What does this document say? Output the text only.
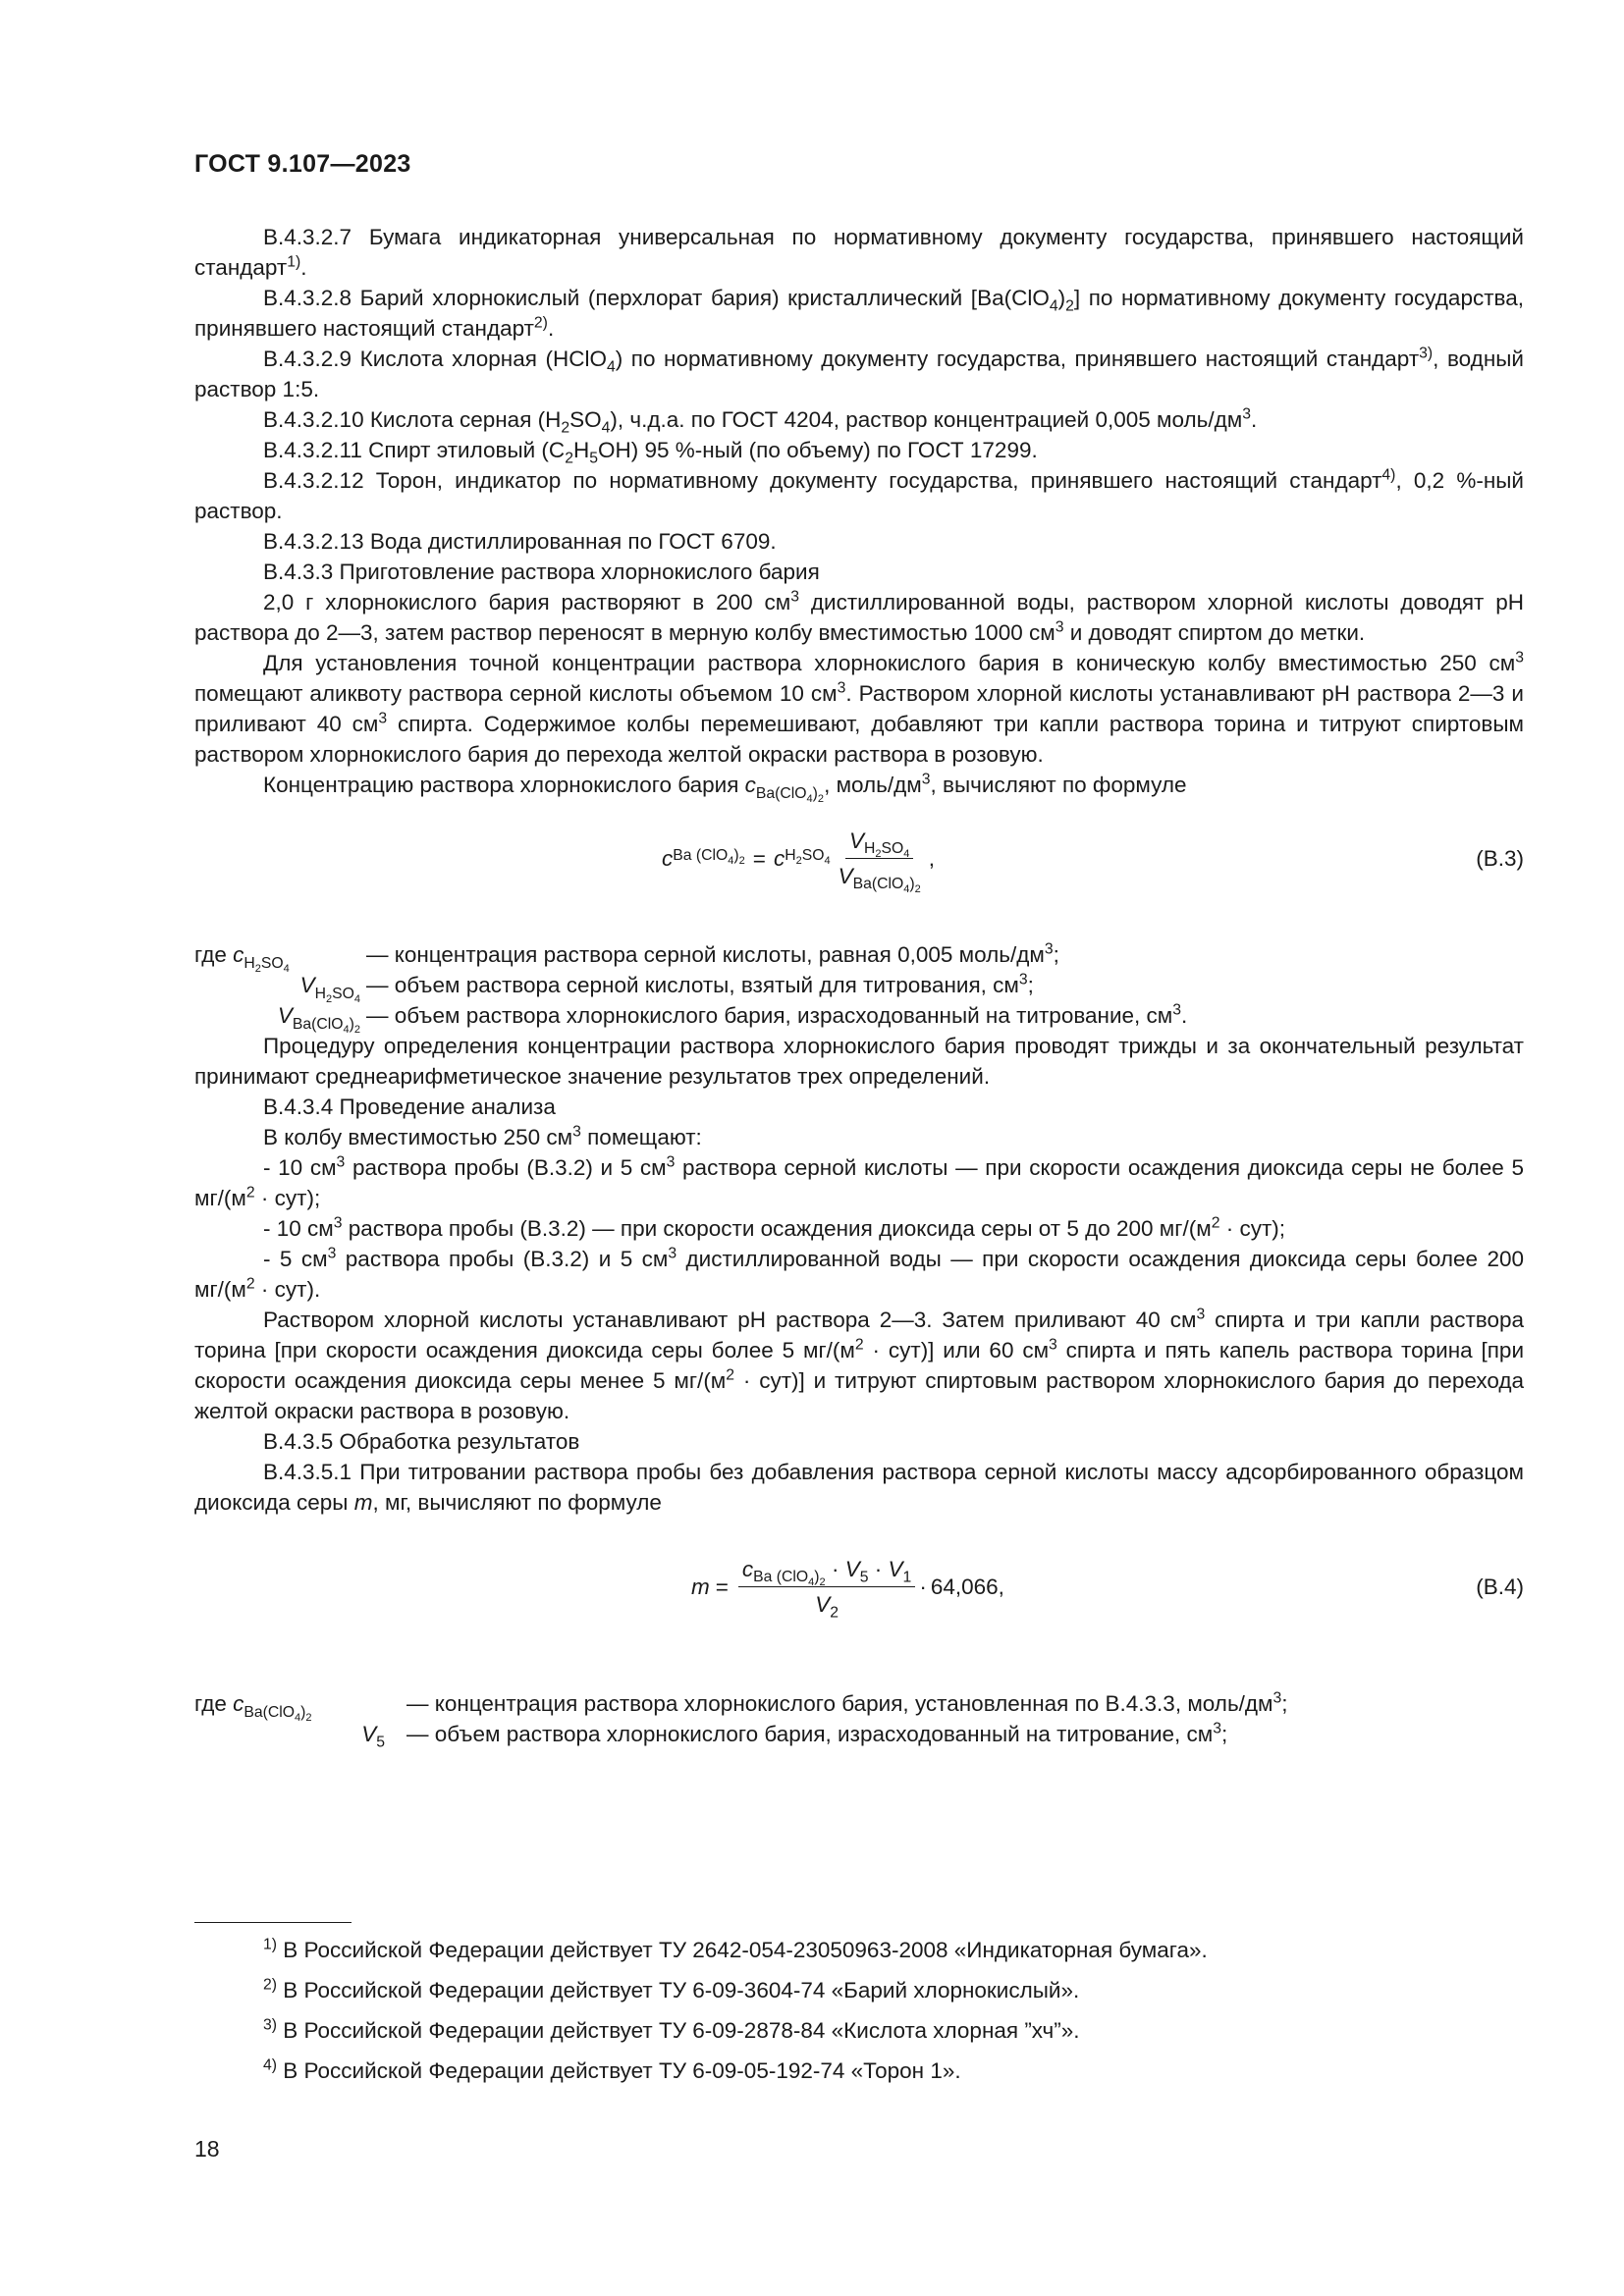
ГОСТ 9.107—2023

В.4.3.2.7 Бумага индикаторная универсальная по нормативному документу государства, принявшего настоящий стандарт$^{1)}$.

В.4.3.2.8 Барий хлорнокислый (перхлорат бария) кристаллический $[Ba(ClO_4)_2]$ по нормативному документу государства, принявшего настоящий стандарт$^{2)}$.

В.4.3.2.9 Кислота хлорная (HClO$_4$) по нормативному документу государства, принявшего настоящий стандарт$^{3)}$, водный раствор 1:5.

В.4.3.2.10 Кислота серная $(H_2SO_4)$, ч.д.а. по ГОСТ 4204, раствор концентрацией 0,005 моль/$дм^3$.

В.4.3.2.11 Спирт этиловый $(C_2H_5OH)$ 95 %-ный (по объему) по ГОСТ 17299.

В.4.3.2.12 Торон, индикатор по нормативному документу государства, принявшего настоящий стандарт$^{4)}$, 0,2 %-ный раствор.

В.4.3.2.13 Вода дистиллированная по ГОСТ 6709.

В.4.3.3 Приготовление раствора хлорнокислого бария

2,0 г хлорнокислого бария растворяют в 200 $см^3$ дистиллированной воды, раствором хлорной кислоты доводят pH раствора до 2—3, затем раствор переносят в мерную колбу вместимостью 1000 $см^3$ и доводят спиртом до метки.

Для установления точной концентрации раствора хлорнокислого бария в коническую колбу вместимостью 250 $см^3$ помещают аликвоту раствора серной кислоты объемом 10 $см^3$. Раствором хлорной кислоты устанавливают pH раствора 2—3 и приливают 40 $см^3$ спирта. Содержимое колбы перемешивают, добавляют три капли раствора торина и титруют спиртовым раствором хлорнокислого бария до перехода желтой окраски раствора в розовую.

Концентрацию раствора хлорнокислого бария $c_{Ba(ClO_4)_2}$, моль/$дм^3$, вычисляют по формуле

c Ba $(ClO_4)_2 = c$ $H_2SO_4 \frac{V_{H_2SO_4}}{V_{Ba(ClO_4)_2}}$ ,	(В.3)
где $c_{H_2SO_4}$
— концентрация раствора серной кислоты, равная 0,005 моль/$дм^3$;
$V_{H_2SO_4}$
— объем раствора серной кислоты, взятый для титрования, $см^3$;
$V_{Ba(ClO_4)_2}$
— объем раствора хлорнокислого бария, израсходованный на титрование, $см^3$.

Процедуру определения концентрации раствора хлорнокислого бария проводят трижды и за окончательный результат принимают среднеарифметическое значение результатов трех определений.

В.4.3.4 Проведение анализа

В колбу вместимостью 250 $см^3$ помещают:

- 10 $см^3$ раствора пробы (В.3.2) и 5 $см^3$ раствора серной кислоты — при скорости осаждения диоксида серы не более 5 $мг/(м^2 \cdot сут)$;

- 10 $см^3$ раствора пробы (В.3.2) — при скорости осаждения диоксида серы от 5 до 200 $мг/(м^2 \cdot сут)$;

- 5 $см^3$ раствора пробы (В.3.2) и 5 $см^3$ дистиллированной воды — при скорости осаждения диоксида серы более 200 $мг/(м^2 \cdot сут)$.

Раствором хлорной кислоты устанавливают pH раствора 2—3. Затем приливают 40 $см^3$ спирта и три капли раствора торина [при скорости осаждения диоксида серы более 5 $мг/(м^2 \cdot сут)$] или 60 $см^3$ спирта и пять капель раствора торина [при скорости осаждения диоксида серы менее 5 $мг/(м^2 \cdot сут)$] и титруют спиртовым раствором хлорнокислого бария до перехода желтой окраски раствора в розовую.

В.4.3.5 Обработка результатов

В.4.3.5.1 При титровании раствора пробы без добавления раствора серной кислоты массу адсорбированного образцом диоксида серы m, мг, вычисляют по формуле

$m = \frac{c_{Ba (ClO_4)_2} \cdot V_5 \cdot V_1}{V_2} \cdot 64,066$,	(В.4)
где $c_{Ba(ClO_4)_2}$
— концентрация раствора хлорнокислого бария, установленная по В.4.3.3, моль/$дм^3$;
$V_5$ — объем раствора хлорнокислого бария, израсходованный на титрование, $см^3$;
$^{1)}$ В Российской Федерации действует ТУ 2642-054-23050963-2008 «Индикаторная бумага».
$^{2)}$ В Российской Федерации действует ТУ 6-09-3604-74 «Барий хлорнокислый».
$^{3)}$ В Российской Федерации действует ТУ 6-09-2878-84 «Кислота хлорная ”хч”».
$^{4)}$ В Российской Федерации действует ТУ 6-09-05-192-74 «Торон 1».
18
